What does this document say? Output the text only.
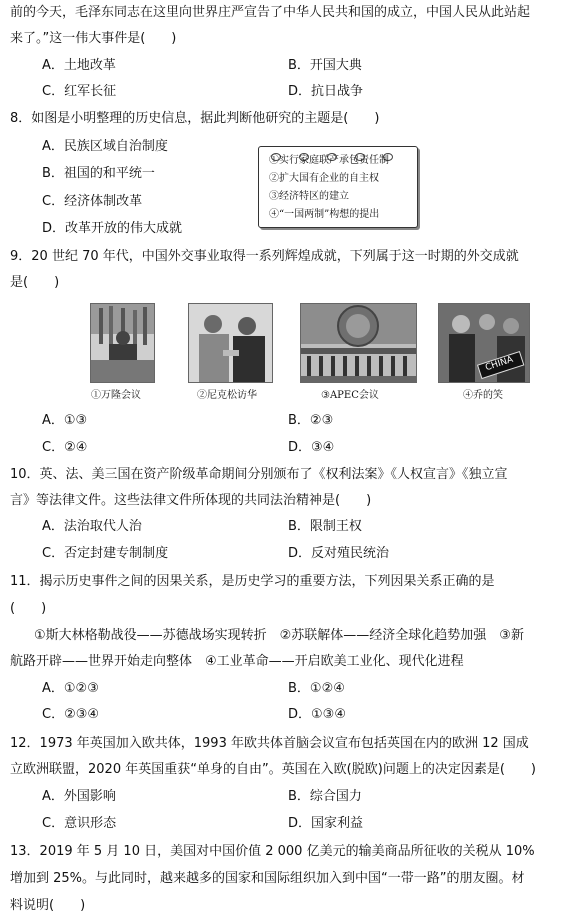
前的今天，毛泽东同志在这里向世界庄严宣告了中华人民共和国的成立，中国人民从此站起
来了。”这一伟大事件是(　　)
A．土地改革	B．开国大典
C．红军长征	D．抗日战争
8．如图是小明整理的历史信息，据此判断他研究的主题是(　　)
A．民族区域自治制度
B．祖国的和平统一
C．经济体制改革
D．改革开放的伟大成就
①实行家庭联产承包责任制
②扩大国有企业的自主权
③经济特区的建立
④“一国两制”构想的提出
9．20 世纪 70 年代，中国外交事业取得一系列辉煌成就，下列属于这一时期的外交成就
是(　　)
CHINA
①万隆会议	②尼克松访华	③APEC会议	④乔的笑
A．①③	B．②③
C．②④	D．③④
10．英、法、美三国在资产阶级革命期间分别颁布了《权利法案》《人权宣言》《独立宣
言》等法律文件。这些法律文件所体现的共同法治精神是(　　)
A．法治取代人治	B．限制王权
C．否定封建专制制度	D．反对殖民统治
11．揭示历史事件之间的因果关系，是历史学习的重要方法，下列因果关系正确的是
(　　)
①斯大林格勒战役——苏德战场实现转折　②苏联解体——经济全球化趋势加强　③新
航路开辟——世界开始走向整体　④工业革命——开启欧美工业化、现代化进程
A．①②③	B．①②④
C．②③④	D．①③④
12．1973 年英国加入欧共体，1993 年欧共体首脑会议宣布包括英国在内的欧洲 12 国成
立欧洲联盟，2020 年英国重获“单身的自由”。英国在入欧(脱欧)问题上的决定因素是(　　)
A．外国影响	B．综合国力
C．意识形态	D．国家利益
13．2019 年 5 月 10 日，美国对中国价值 2 000 亿美元的输美商品所征收的关税从 10%
增加到 25%。与此同时，越来越多的国家和国际组织加入到中国“一带一路”的朋友圈。材
料说明(　　)
